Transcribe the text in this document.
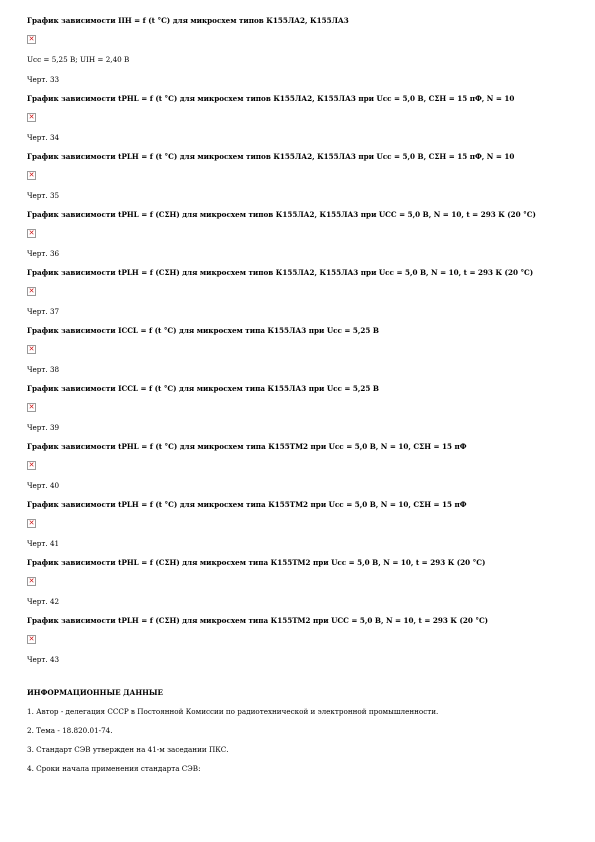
График зависимости IIH = f (t °C) для микросхем типов К155ЛА2, К155ЛА3
✕
Ucc = 5,25 В; UIH = 2,40 В
Черт. 33
График зависимости tPHL = f (t °C) для микросхем типов К155ЛА2, К155ЛА3 при Ucc = 5,0 В, CΣH = 15 пФ, N = 10
✕
Черт. 34
График зависимости tPLH = f (t °C) для микросхем типов К155ЛА2, К155ЛА3 при Ucc = 5,0 В, CΣH = 15 пФ, N = 10
✕
Черт. 35
График зависимости tPHL = f (CΣH) для микросхем типов К155ЛА2, К155ЛА3 при UCC = 5,0 В, N = 10, t = 293 К (20 °С)
✕
Черт. 36
График зависимости tPLH = f (CΣH) для микросхем типов К155ЛА2, К155ЛА3 при Ucc = 5,0 В, N = 10, t = 293 К (20 °С)
✕
Черт. 37
График зависимости ICCL = f (t °C) для микросхем типа К155ЛА3 при Ucc = 5,25 В
✕
Черт. 38
График зависимости ICCL = f (t °C) для микросхем типа К155ЛА3 при Ucc = 5,25 В
✕
Черт. 39
График зависимости tPHL = f (t °C) для микросхем типа К155ТМ2 при Ucc = 5,0 В, N = 10, CΣH = 15 пФ
✕
Черт. 40
График зависимости tPLH = f (t °C) для микросхем типа К155ТМ2 при Ucc = 5,0 В, N = 10, CΣH = 15 пФ
✕
Черт. 41
График зависимости tPHL = f (CΣH) для микросхем типа К155ТМ2 при Ucc = 5,0 В, N = 10, t = 293 К (20 °С)
✕
Черт. 42
График зависимости tPLH = f (CΣH) для микросхем типа К155ТМ2 при UCC = 5,0 В, N = 10, t = 293 К (20 °С)
✕
Черт. 43
ИНФОРМАЦИОННЫЕ ДАННЫЕ
1. Автор - делегация СССР в Постоянной Комиссии по радиотехнической и электронной промышленности.
2. Тема - 18.820.01-74.
3. Стандарт СЭВ утвержден на 41-м заседании ПКС.
4. Сроки начала применения стандарта СЭВ:
